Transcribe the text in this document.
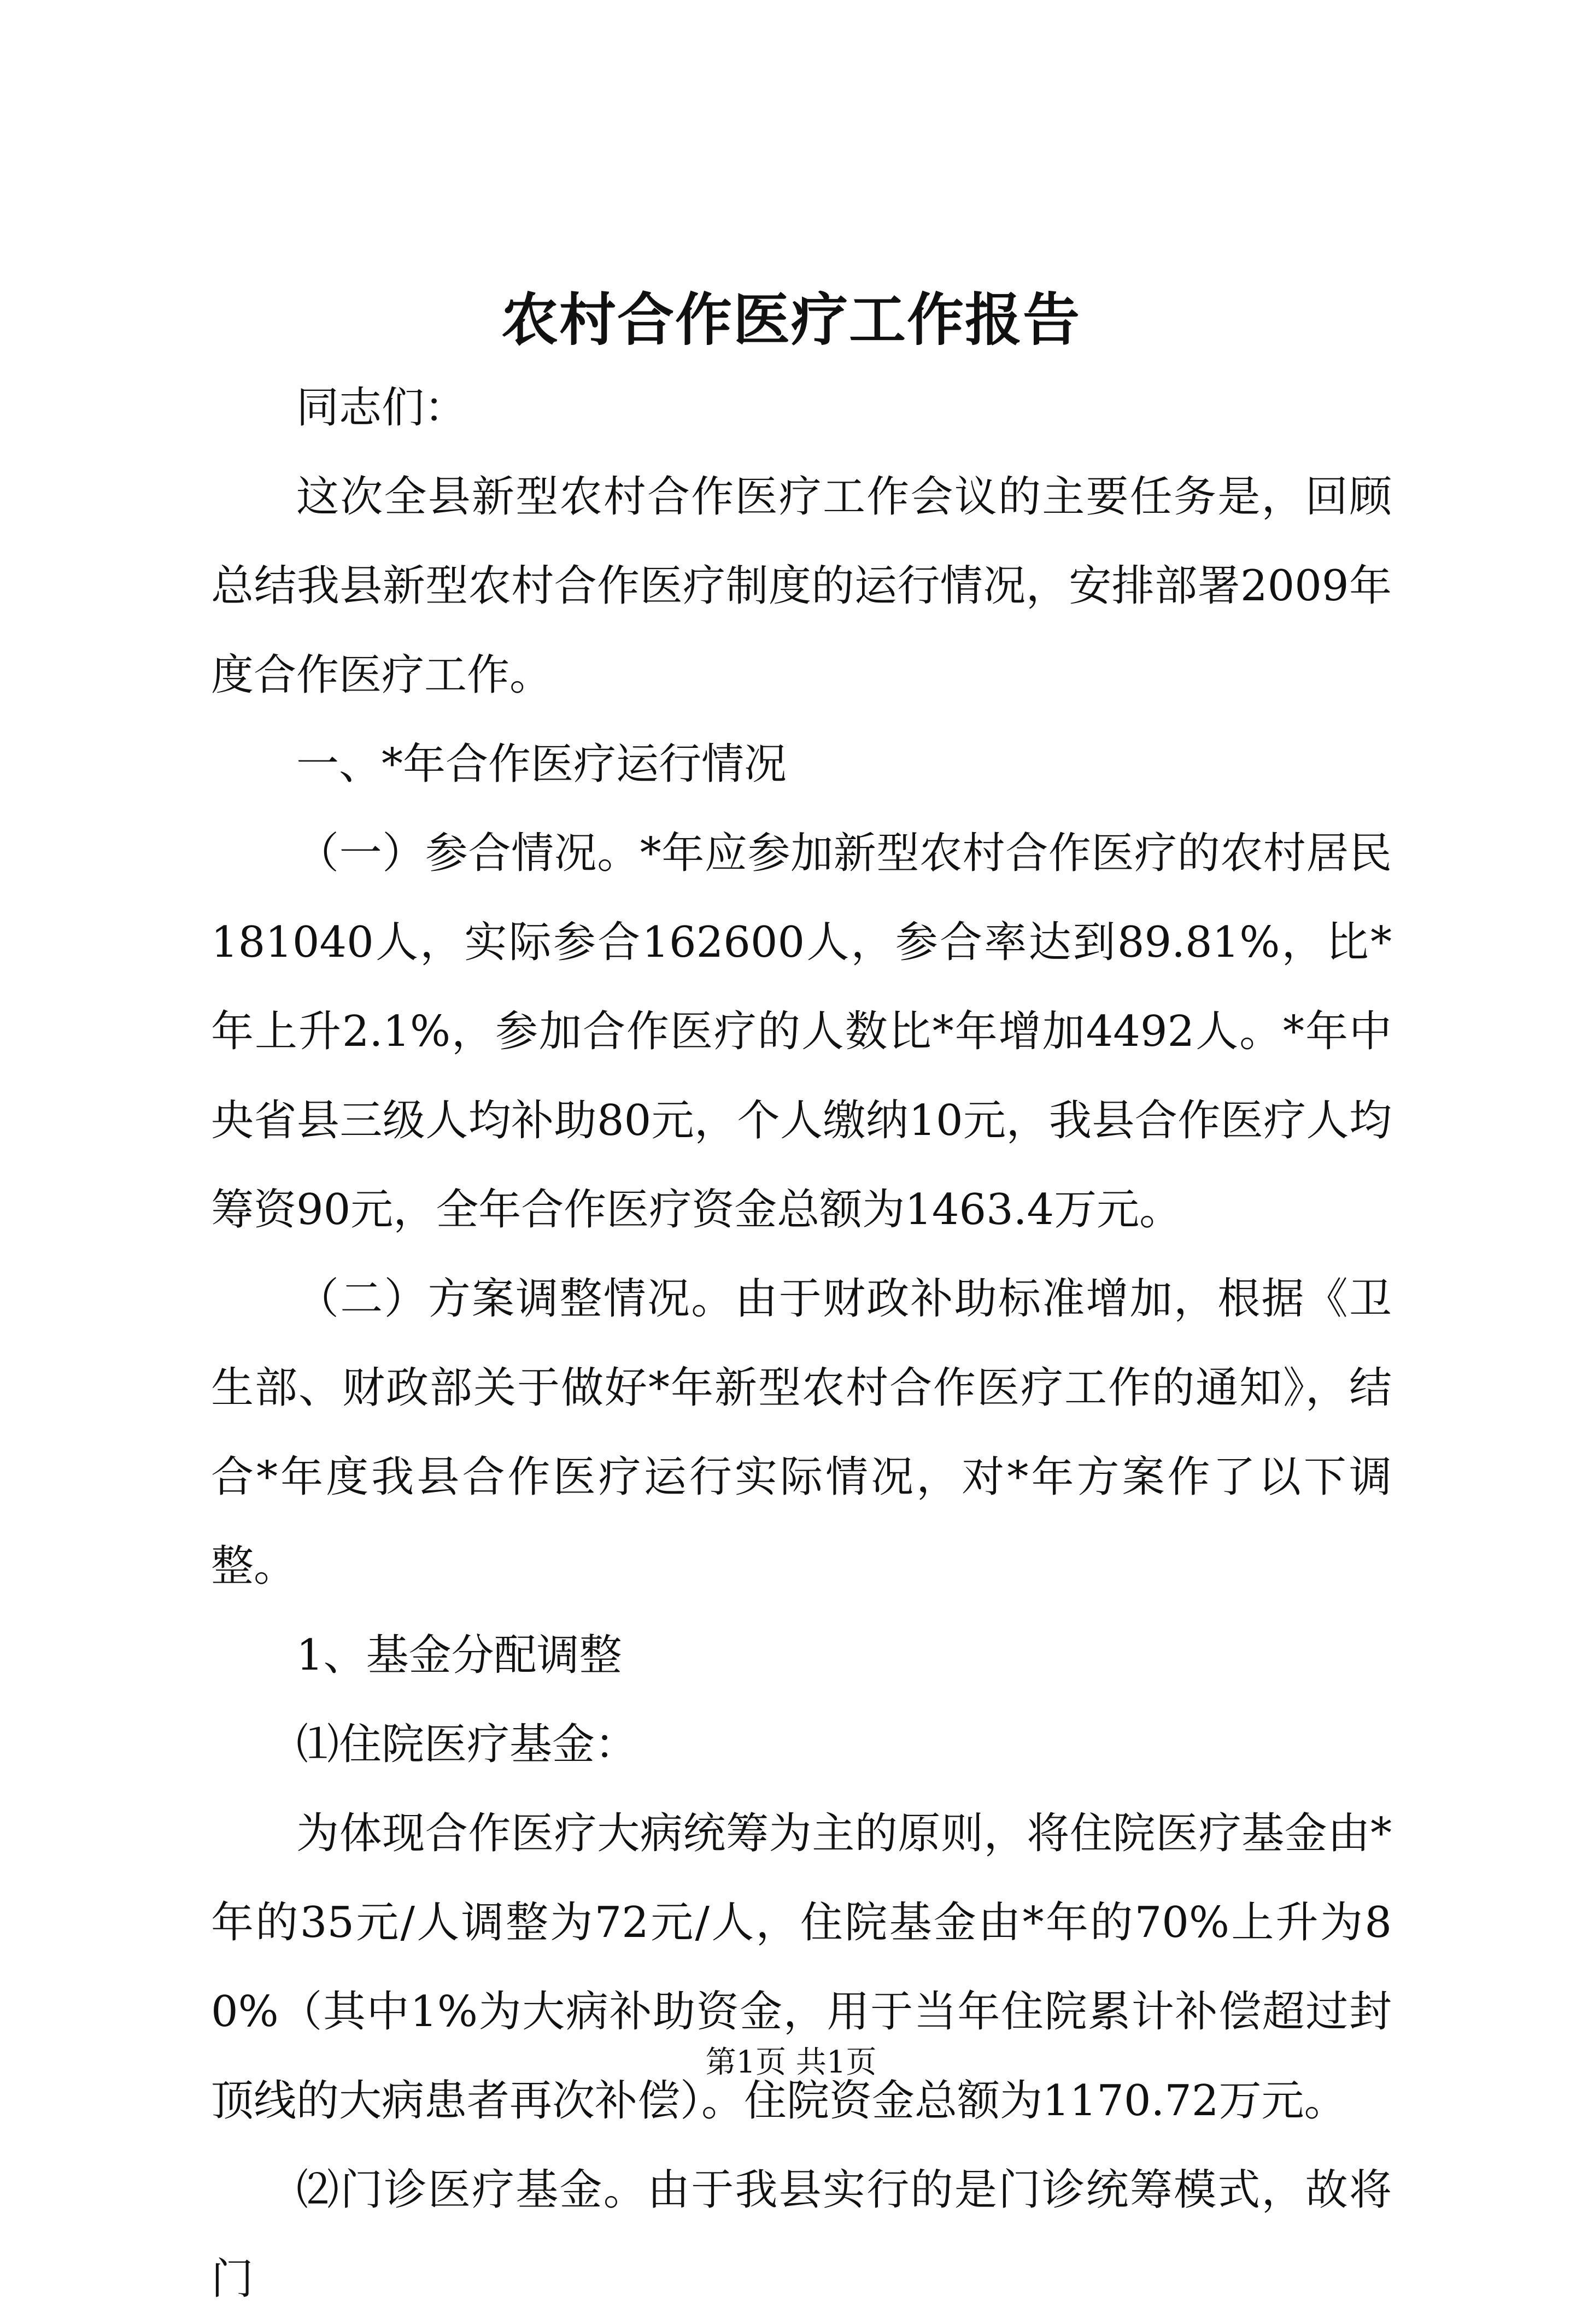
农村合作医疗工作报告

同志们：

这次全县新型农村合作医疗工作会议的主要任务是，回顾总结我县新型农村合作医疗制度的运行情况，安排部署2009年度合作医疗工作。

一、*年合作医疗运行情况

（一）参合情况。*年应参加新型农村合作医疗的农村居民181040人，实际参合162600人，参合率达到89.81%，比*年上升2.1%，参加合作医疗的人数比*年增加4492人。*年中央省县三级人均补助80元，个人缴纳10元，我县合作医疗人均筹资90元，全年合作医疗资金总额为1463.4万元。

（二）方案调整情况。由于财政补助标准增加，根据《卫生部、财政部关于做好*年新型农村合作医疗工作的通知》，结合*年度我县合作医疗运行实际情况，对*年方案作了以下调整。

1、基金分配调整

⑴住院医疗基金：

为体现合作医疗大病统筹为主的原则，将住院医疗基金由*年的35元/人调整为72元/人，住院基金由*年的70%上升为80%（其中1%为大病补助资金，用于当年住院累计补偿超过封顶线的大病患者再次补偿）。住院资金总额为1170.72万元。

⑵门诊医疗基金。由于我县实行的是门诊统筹模式，故将门

第1页 共1页
